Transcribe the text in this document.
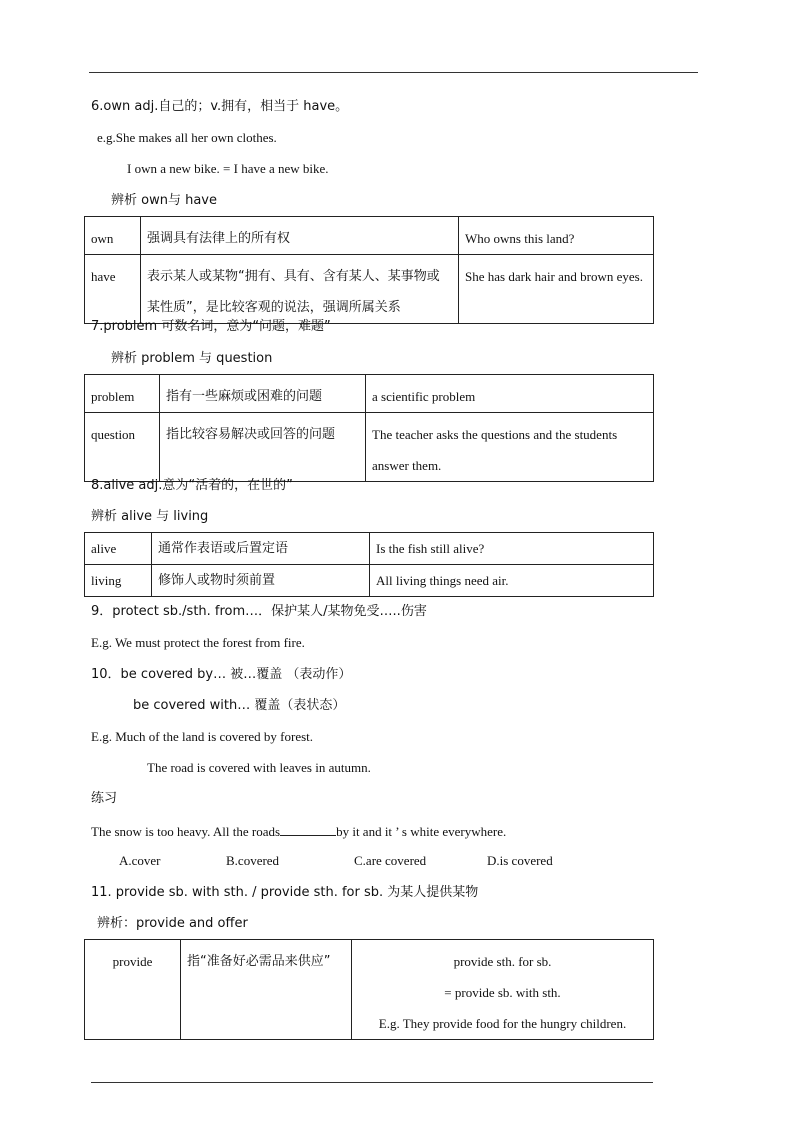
6.own adj.自己的；v.拥有，相当于 have。
e.g.She makes all her own clothes.
I own a new bike. = I have a new bike.
辨析 own与 have
own	强调具有法律上的所有权	Who owns this land?
have	表示某人或某物“拥有、具有、含有某人、某事物或某性质”，是比较客观的说法，强调所属关系	She has dark hair and brown eyes.
7.problem 可数名词，意为“问题，难题”
辨析 problem 与 question
problem	指有一些麻烦或困难的问题	a scientific problem
question	指比较容易解决或回答的问题	The teacher asks the questions and the students answer them.
8.alive adj.意为“活着的，在世的”
辨析 alive 与 living
alive	通常作表语或后置定语	Is the fish still alive?
living	修饰人或物时须前置	All living things need air.
9．protect sb./sth. from…．保护某人/某物免受…..伤害
E.g. We must protect the forest from fire.
10．be covered by… 被…覆盖 （表动作）
be covered with… 覆盖（表状态）
E.g. Much of the land is covered by forest.
The road is covered with leaves in autumn.
练习
The snow is too heavy. All the roads	by it and it ’ s white everywhere.
A.cover	B.covered	C.are covered	D.is covered
11. provide sb. with sth. / provide sth. for sb. 为某人提供某物
辨析：provide and offer
provide	指“准备好必需品来供应”	provide sth. for sb.
= provide sb. with sth.
E.g. They provide food for the hungry children.
